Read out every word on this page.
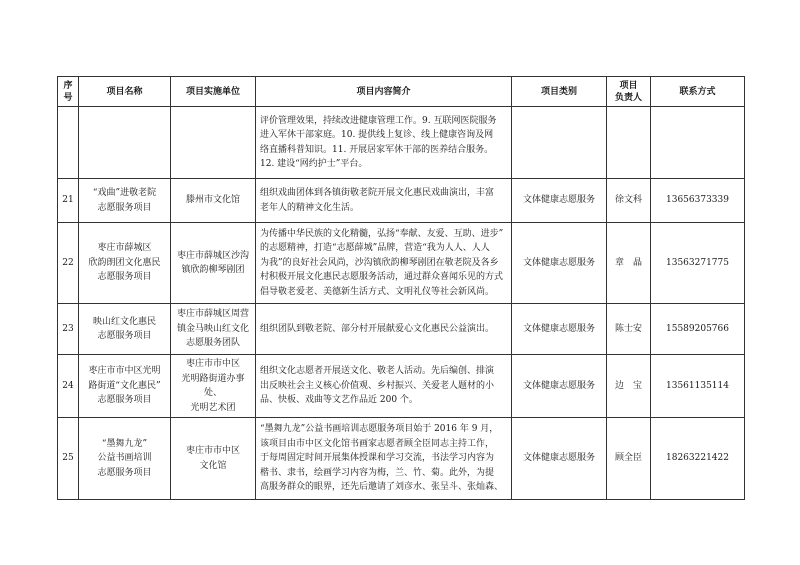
序
号	项目名称	项目实施单位	项目内容简介	项目类别	项目
负责人	联系方式
			评价管理效果，持续改进健康管理工作。9. 互联网医院服务
进入军休干部家庭。10. 提供线上复诊、线上健康咨询及网
络直播科普知识。11. 开展居家军休干部的医养结合服务。
12. 建设“网约护士”平台。			
21	“戏曲”进敬老院
志愿服务项目	滕州市文化馆	组织戏曲团体到各镇街敬老院开展文化惠民戏曲演出，丰富
老年人的精神文化生活。	文体健康志愿服务	徐文科	13656373339
22	枣庄市薛城区
欣韵朗团文化惠民
志愿服务项目	枣庄市薛城区沙沟
镇欣韵柳琴剧团	为传播中华民族的文化精髓，弘扬“奉献、友爱、互助、进步”
的志愿精神，打造“志愿薛城”品牌，营造“我为人人、人人
为我”的良好社会风尚，沙沟镇欣韵柳琴剧团在敬老院及各乡
村积极开展文化惠民志愿服务活动，通过群众喜闻乐见的方式
倡导敬老爱老、美德新生活方式、文明礼仪等社会新风尚。	文体健康志愿服务	章　晶	13563271775
23	映山红文化惠民
志愿服务项目	枣庄市薛城区周营
镇金马映山红文化
志愿服务团队	组织团队到敬老院、部分村开展献爱心文化惠民公益演出。	文体健康志愿服务	陈士安	15589205766
24	枣庄市市中区光明
路街道“文化惠民”
志愿服务项目	枣庄市市中区
光明路街道办事处、
光明艺术团	组织文化志愿者开展送文化、敬老人活动。先后编创、排演
出反映社会主义核心价值观、乡村振兴、关爱老人题材的小
品、快板、戏曲等文艺作品近 200 个。	文体健康志愿服务	边　宝	13561135114
25	“墨舞九龙”
公益书画培训
志愿服务项目	枣庄市市中区
文化馆	“墨舞九龙”公益书画培训志愿服务项目始于 2016 年 9 月，
该项目由市中区文化馆书画家志愿者顾全臣同志主持工作，
于每周固定时间开展集体授课和学习交流，书法学习内容为
楷书、隶书，绘画学习内容为梅，兰、竹、菊。此外，为提
高服务群众的眼界，还先后邀请了刘彦水、张呈斗、张灿森、	文体健康志愿服务	顾全臣	18263221422
